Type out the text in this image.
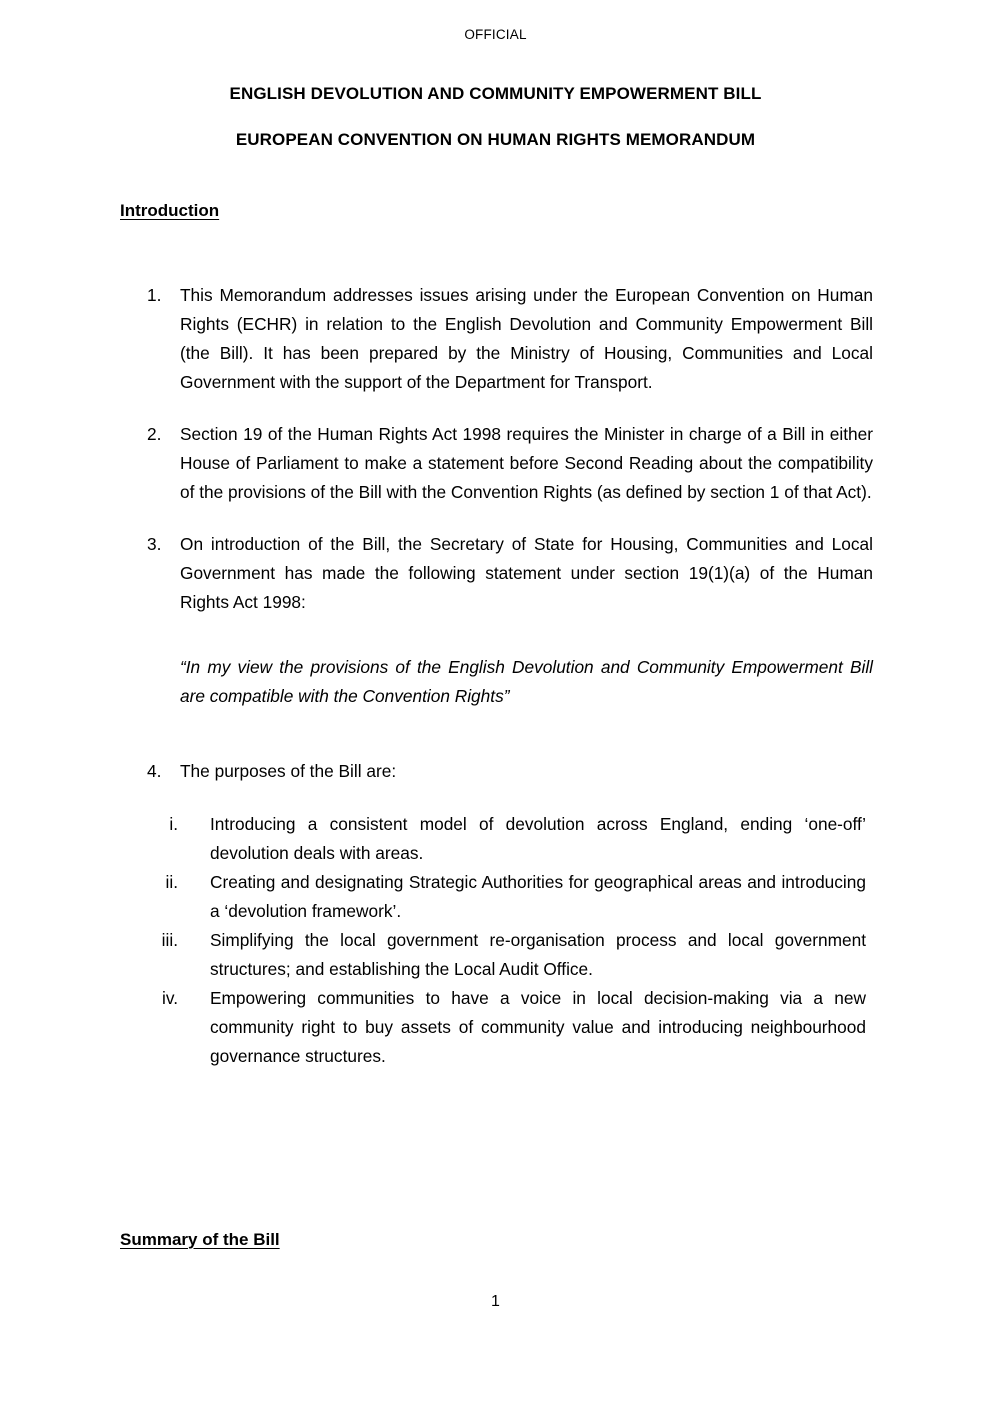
OFFICIAL
ENGLISH DEVOLUTION AND COMMUNITY EMPOWERMENT BILL
EUROPEAN CONVENTION ON HUMAN RIGHTS MEMORANDUM
Introduction
1.	This Memorandum addresses issues arising under the European Convention on Human Rights (ECHR) in relation to the English Devolution and Community Empowerment Bill (the Bill). It has been prepared by the Ministry of Housing, Communities and Local Government with the support of the Department for Transport.
2.	Section 19 of the Human Rights Act 1998 requires the Minister in charge of a Bill in either House of Parliament to make a statement before Second Reading about the compatibility of the provisions of the Bill with the Convention Rights (as defined by section 1 of that Act).
3.	On introduction of the Bill, the Secretary of State for Housing, Communities and Local Government has made the following statement under section 19(1)(a) of the Human Rights Act 1998:
“In my view the provisions of the English Devolution and Community Empowerment Bill are compatible with the Convention Rights”
4.	The purposes of the Bill are:
i. Introducing a consistent model of devolution across England, ending ‘one-off’ devolution deals with areas.
ii. Creating and designating Strategic Authorities for geographical areas and introducing a ‘devolution framework’.
iii. Simplifying the local government re-organisation process and local government structures; and establishing the Local Audit Office.
iv. Empowering communities to have a voice in local decision-making via a new community right to buy assets of community value and introducing neighbourhood governance structures.
Summary of the Bill
1
